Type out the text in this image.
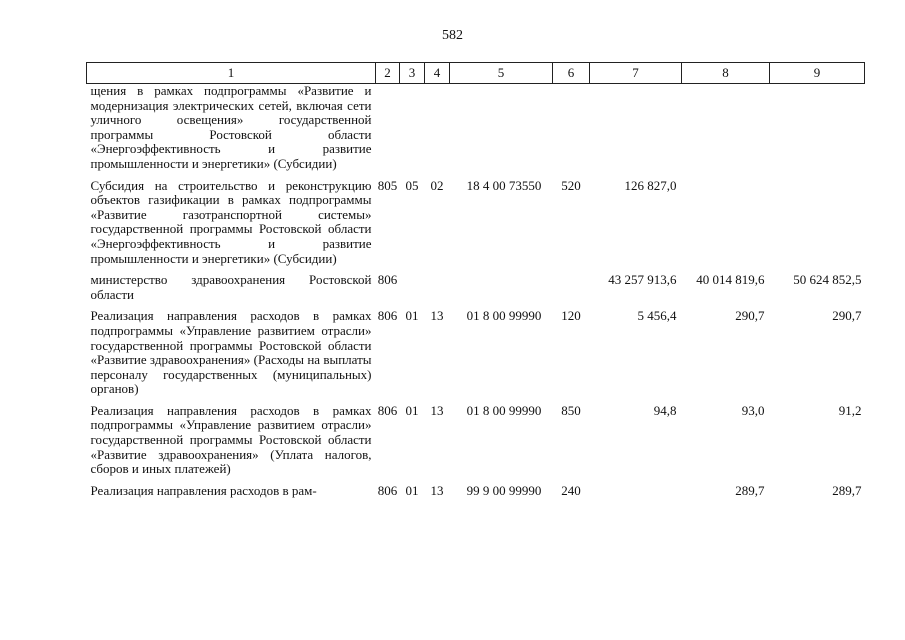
582
1	2	3	4	5	6	7	8	9
щения в рамках подпрограммы «Развитие и модернизация электрических сетей, включая сети уличного освещения» государственной программы Ростовской области «Энергоэффективность и развитие промышленности и энергетики» (Субсидии)								
Субсидия на строительство и реконструкцию объектов газификации в рамках подпрограммы «Развитие газотранспортной системы» государственной программы Ростовской области «Энергоэффективность и развитие промышленности и энергетики» (Субсидии)	805	05	02	18 4 00 73550	520	126 827,0		
министерство здравоохранения Ростовской области	806					43 257 913,6	40 014 819,6	50 624 852,5
Реализация направления расходов в рамках подпрограммы «Управление развитием отрасли» государственной программы Ростовской области «Развитие здравоохранения» (Расходы на выплаты персоналу государственных (муниципальных) органов)	806	01	13	01 8 00 99990	120	5 456,4	290,7	290,7
Реализация направления расходов в рамках подпрограммы «Управление развитием отрасли» государственной программы Ростовской области «Развитие здравоохранения» (Уплата налогов, сборов и иных платежей)	806	01	13	01 8 00 99990	850	94,8	93,0	91,2
Реализация направления расходов в рам-	806	01	13	99 9 00 99990	240		289,7	289,7
